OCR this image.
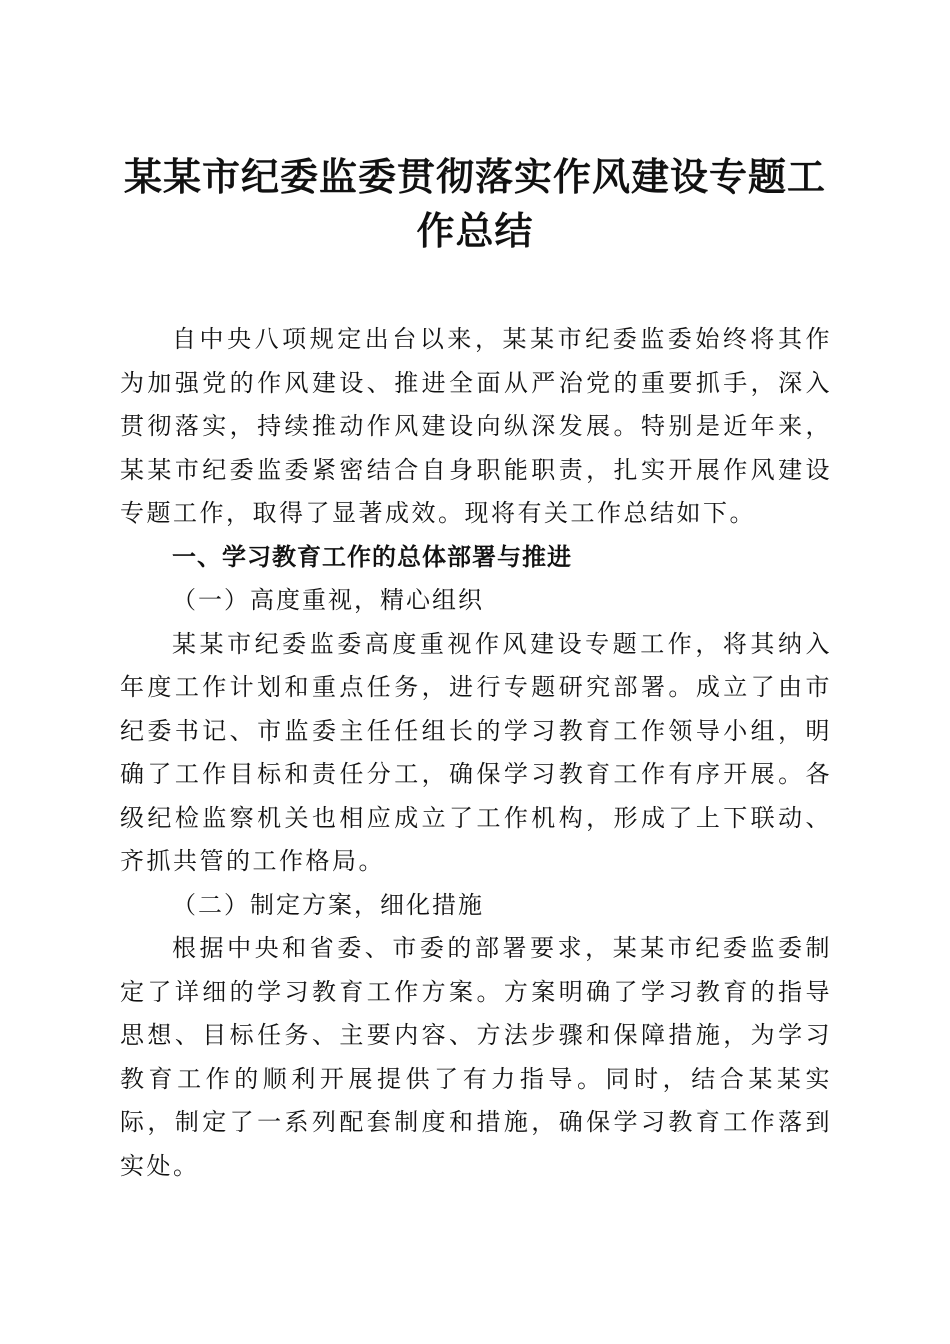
某某市纪委监委贯彻落实作风建设专题工作总结

自中央八项规定出台以来，某某市纪委监委始终将其作为加强党的作风建设、推进全面从严治党的重要抓手，深入贯彻落实，持续推动作风建设向纵深发展。特别是近年来，某某市纪委监委紧密结合自身职能职责，扎实开展作风建设专题工作，取得了显著成效。现将有关工作总结如下。

一、学习教育工作的总体部署与推进

（一）高度重视，精心组织

某某市纪委监委高度重视作风建设专题工作，将其纳入年度工作计划和重点任务，进行专题研究部署。成立了由市纪委书记、市监委主任任组长的学习教育工作领导小组，明确了工作目标和责任分工，确保学习教育工作有序开展。各级纪检监察机关也相应成立了工作机构，形成了上下联动、齐抓共管的工作格局。

（二）制定方案，细化措施

根据中央和省委、市委的部署要求，某某市纪委监委制定了详细的学习教育工作方案。方案明确了学习教育的指导思想、目标任务、主要内容、方法步骤和保障措施，为学习教育工作的顺利开展提供了有力指导。同时，结合某某实际，制定了一系列配套制度和措施，确保学习教育工作落到实处。
